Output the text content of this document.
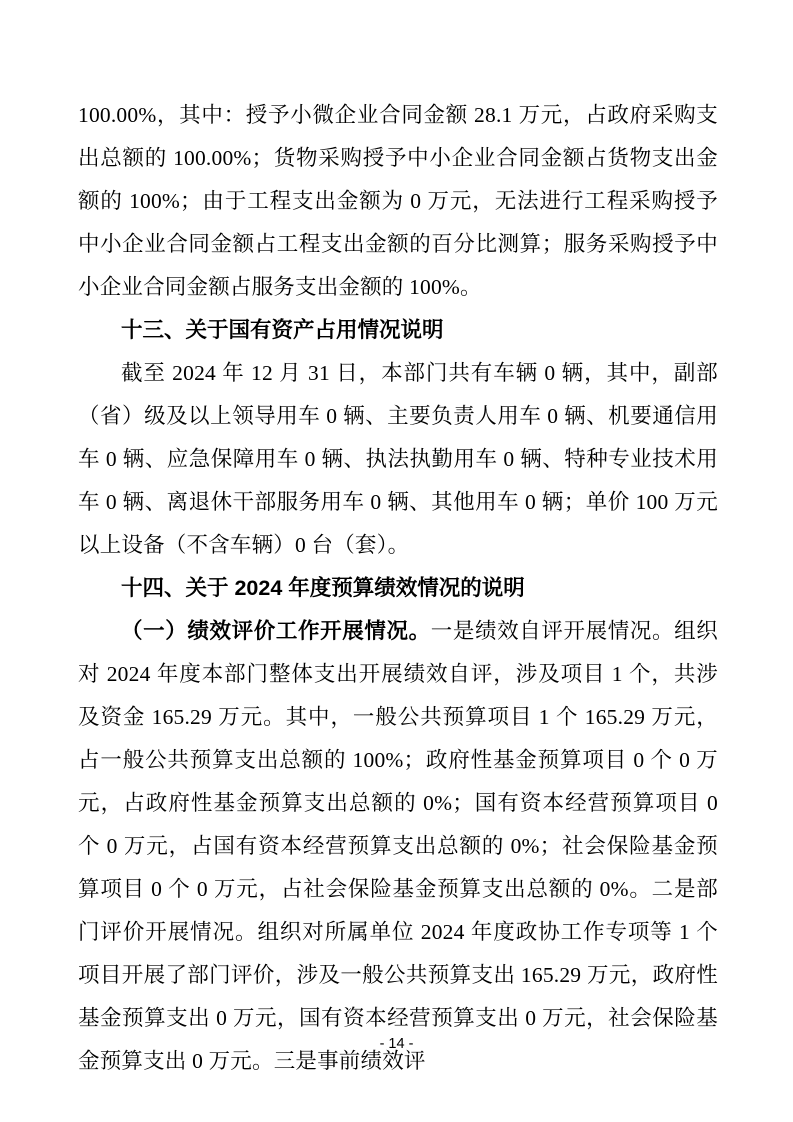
100.00%，其中：授予小微企业合同金额 28.1 万元，占政府采购支出总额的 100.00%；货物采购授予中小企业合同金额占货物支出金额的 100%；由于工程支出金额为 0 万元，无法进行工程采购授予中小企业合同金额占工程支出金额的百分比测算；服务采购授予中小企业合同金额占服务支出金额的 100%。

十三、关于国有资产占用情况说明

截至 2024 年 12 月 31 日，本部门共有车辆 0 辆，其中，副部（省）级及以上领导用车 0 辆、主要负责人用车 0 辆、机要通信用车 0 辆、应急保障用车 0 辆、执法执勤用车 0 辆、特种专业技术用车 0 辆、离退休干部服务用车 0 辆、其他用车 0 辆；单价 100 万元以上设备（不含车辆）0 台（套）。

十四、关于 2024 年度预算绩效情况的说明

（一）绩效评价工作开展情况。一是绩效自评开展情况。组织对 2024 年度本部门整体支出开展绩效自评，涉及项目 1 个，共涉及资金 165.29 万元。其中，一般公共预算项目 1 个 165.29 万元，占一般公共预算支出总额的 100%；政府性基金预算项目 0 个 0 万元，占政府性基金预算支出总额的 0%；国有资本经营预算项目 0 个 0 万元，占国有资本经营预算支出总额的 0%；社会保险基金预算项目 0 个 0 万元，占社会保险基金预算支出总额的 0%。二是部门评价开展情况。组织对所属单位 2024 年度政协工作专项等 1 个项目开展了部门评价，涉及一般公共预算支出 165.29 万元，政府性基金预算支出 0 万元，国有资本经营预算支出 0 万元，社会保险基金预算支出 0 万元。三是事前绩效评

- 14 -
